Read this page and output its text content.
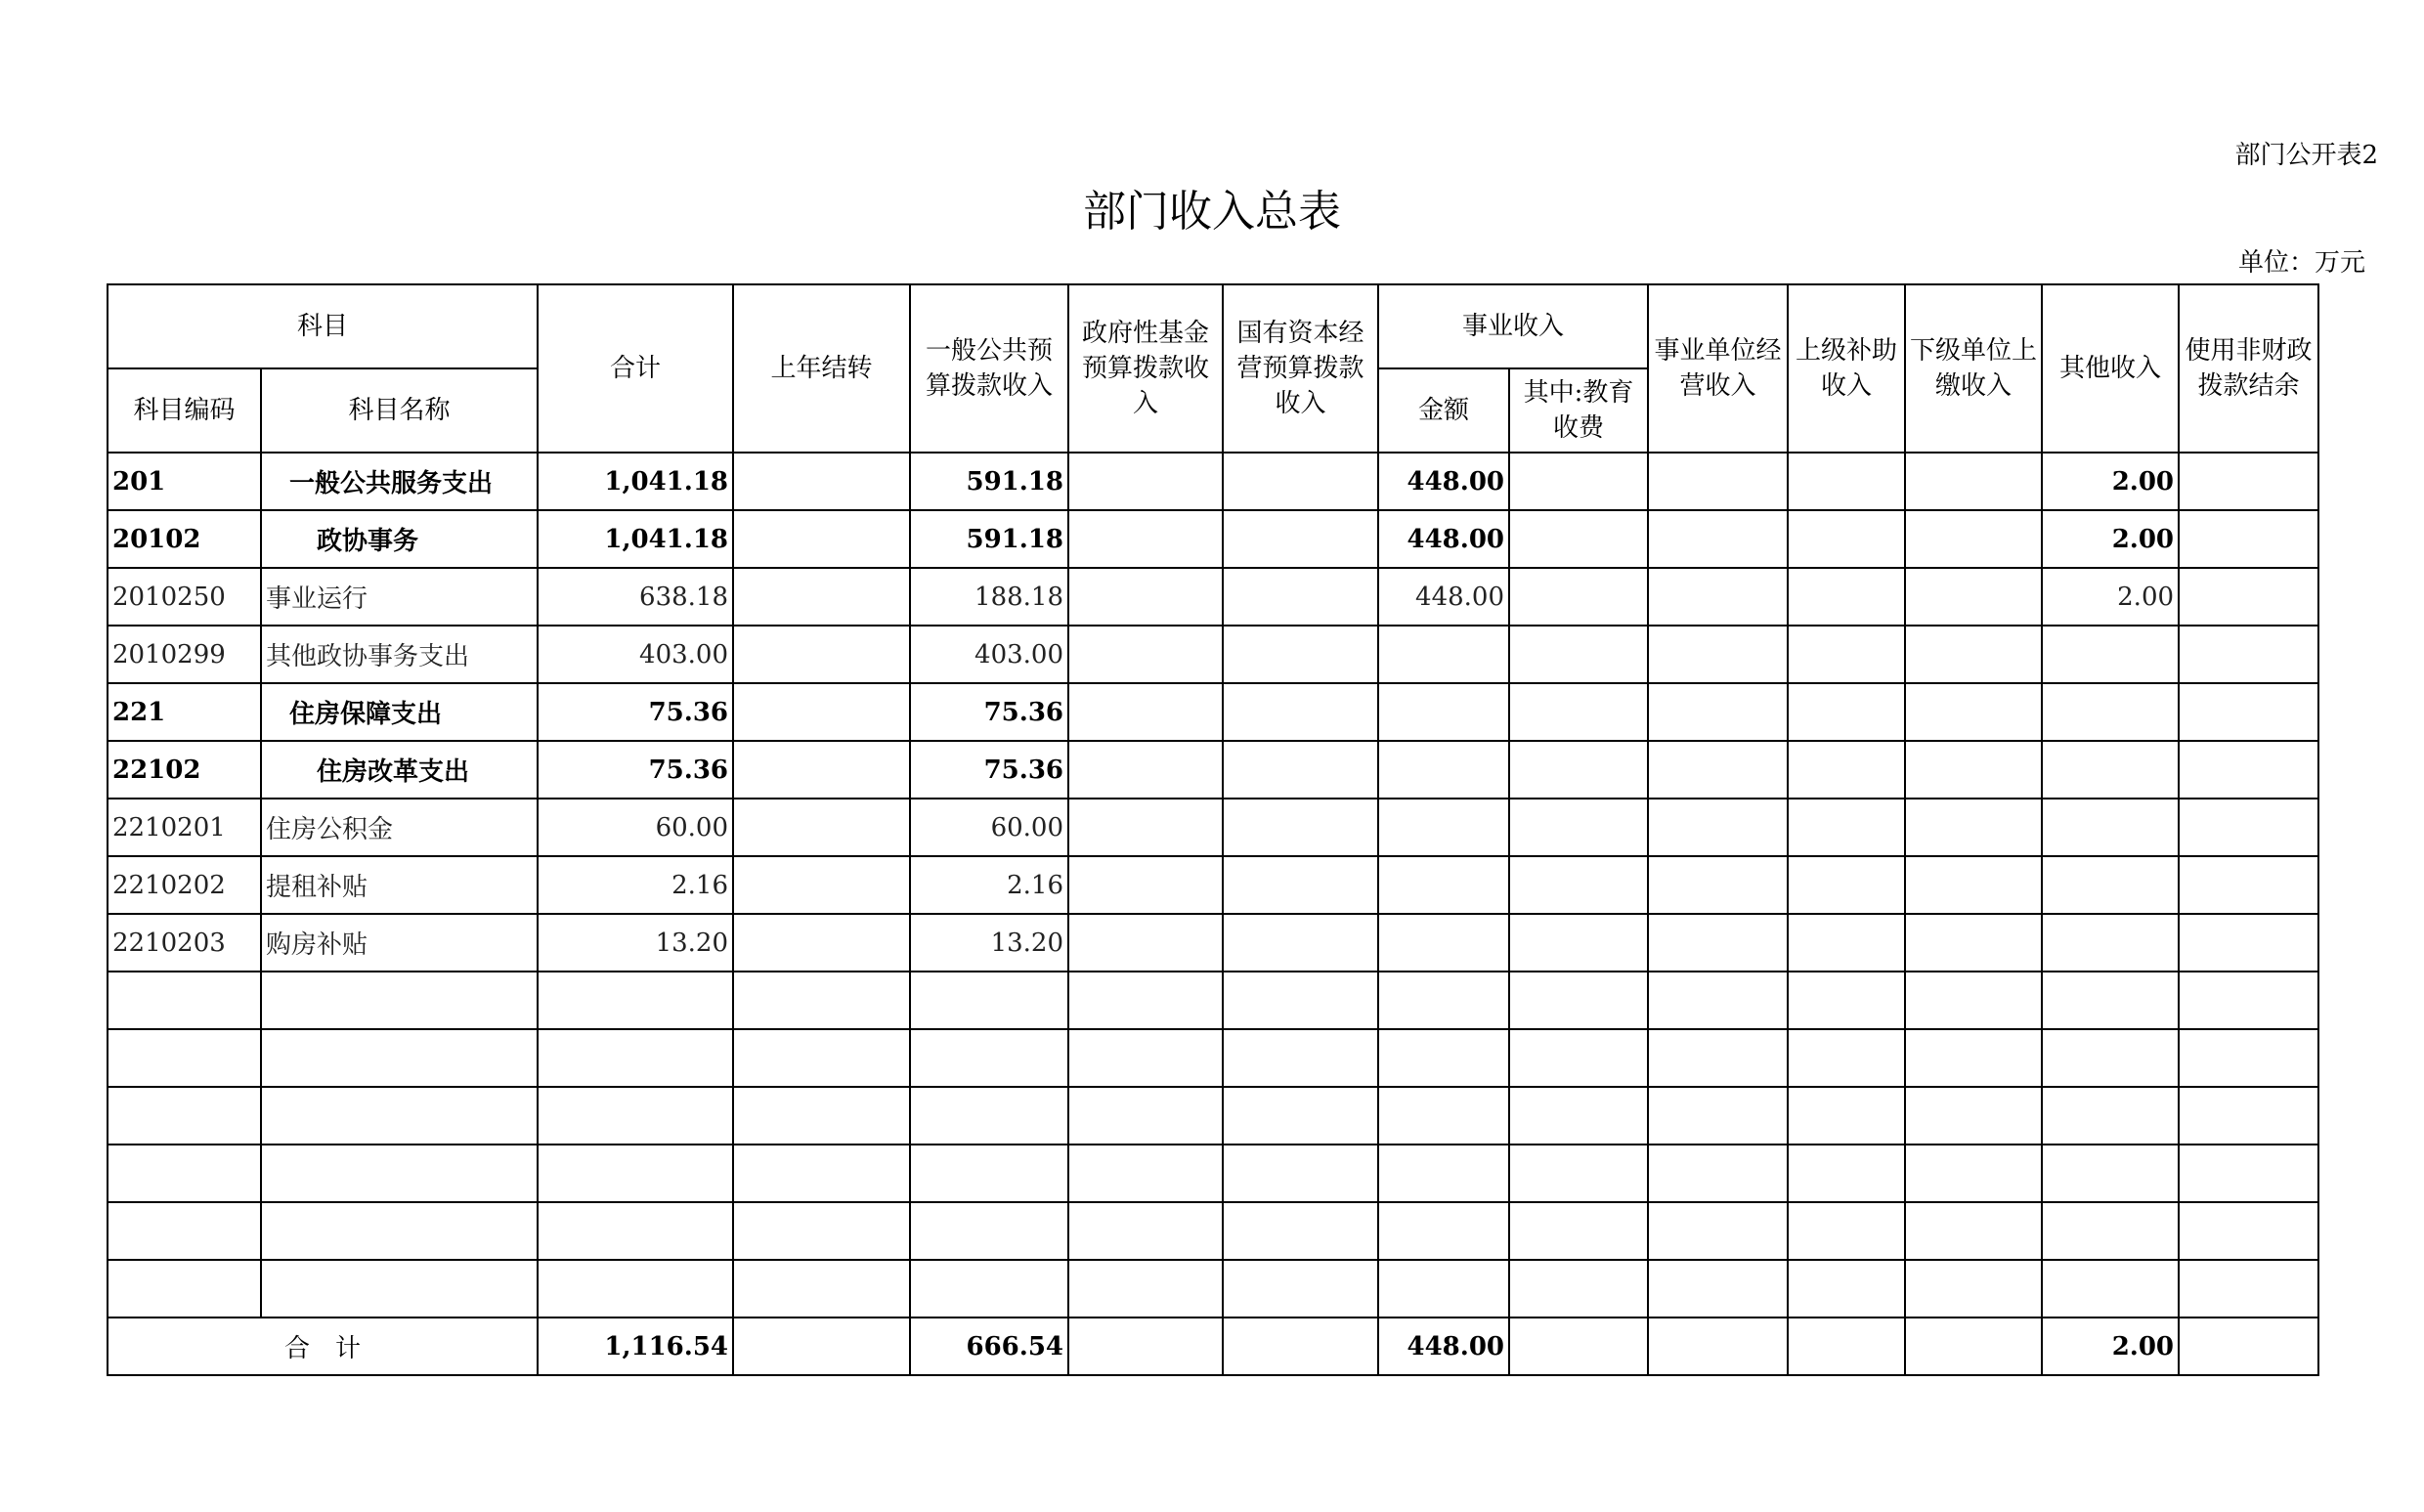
部门公开表2
部门收入总表
单位：万元
科目		合计	上年结转	一般公共预算拨款收入	政府性基金预算拨款收入	国有资本经营预算拨款收入	事业收入		事业单位经营收入	上级补助收入	下级单位上缴收入	其他收入	使用非财政拨款结余
科目编码	科目名称						金额	其中:教育收费					
201	一般公共服务支出	1,041.18		591.18			448.00					2.00	
20102	政协事务	1,041.18		591.18			448.00					2.00	
2010250	事业运行	638.18		188.18			448.00					2.00	
2010299	其他政协事务支出	403.00		403.00									
221	住房保障支出	75.36		75.36									
22102	住房改革支出	75.36		75.36									
2210201	住房公积金	60.00		60.00									
2210202	提租补贴	2.16		2.16									
2210203	购房补贴	13.20		13.20									

合　计		1,116.54		666.54			448.00					2.00	
